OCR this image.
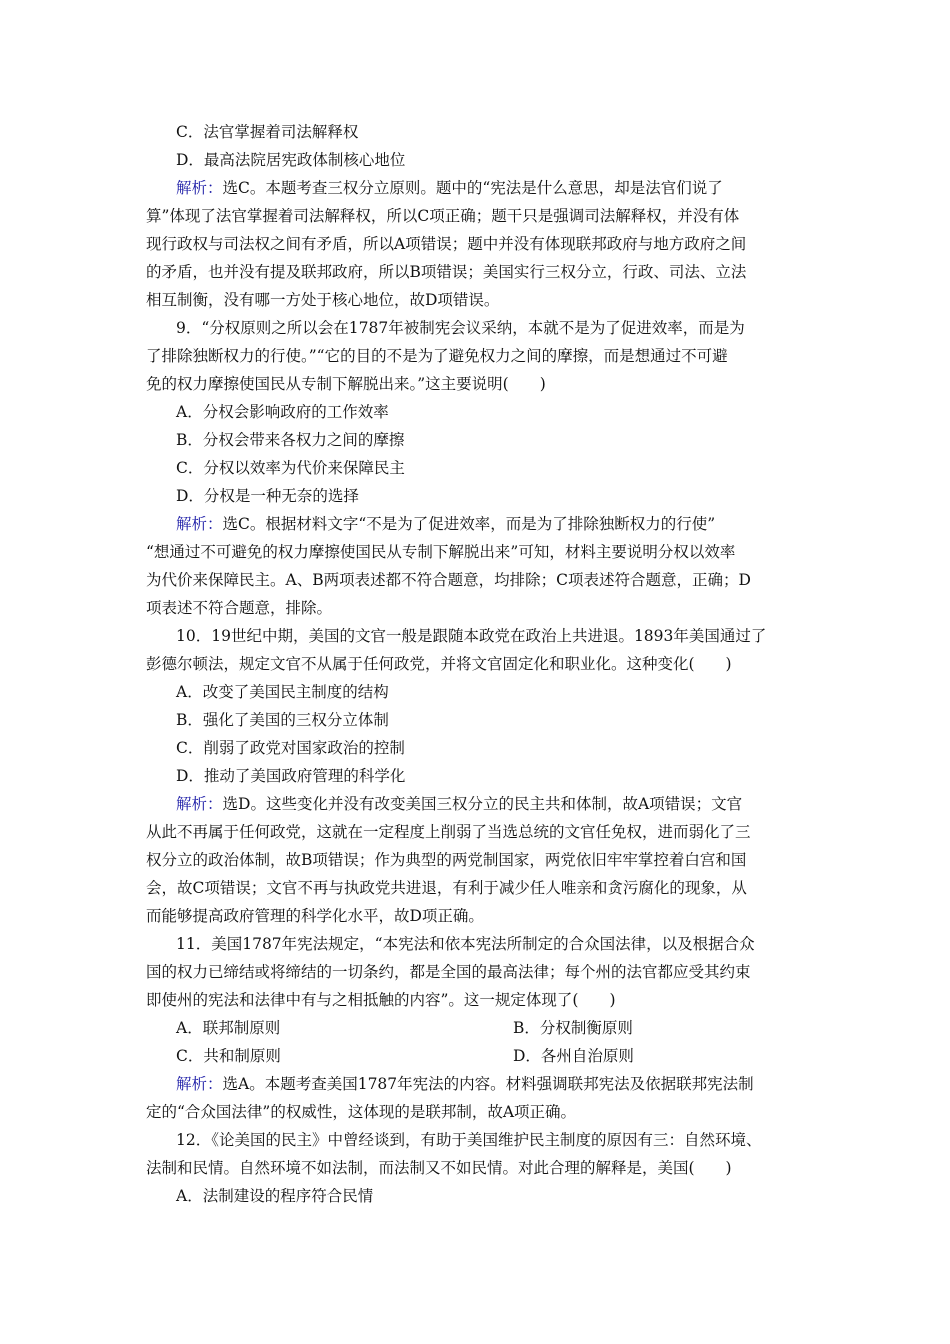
C．法官掌握着司法解释权
D．最高法院居宪政体制核心地位
解析：选C。本题考查三权分立原则。题中的“宪法是什么意思，却是法官们说了
算”体现了法官掌握着司法解释权，所以C项正确；题干只是强调司法解释权，并没有体
现行政权与司法权之间有矛盾，所以A项错误；题中并没有体现联邦政府与地方政府之间
的矛盾，也并没有提及联邦政府，所以B项错误；美国实行三权分立，行政、司法、立法
相互制衡，没有哪一方处于核心地位，故D项错误。
9．“分权原则之所以会在1787年被制宪会议采纳，本就不是为了促进效率，而是为
了排除独断权力的行使。”“它的目的不是为了避免权力之间的摩擦，而是想通过不可避
免的权力摩擦使国民从专制下解脱出来。”这主要说明(　　)
A．分权会影响政府的工作效率
B．分权会带来各权力之间的摩擦
C．分权以效率为代价来保障民主
D．分权是一种无奈的选择
解析：选C。根据材料文字“不是为了促进效率，而是为了排除独断权力的行使”
“想通过不可避免的权力摩擦使国民从专制下解脱出来”可知，材料主要说明分权以效率
为代价来保障民主。A、B两项表述都不符合题意，均排除；C项表述符合题意，正确；D
项表述不符合题意，排除。
10．19世纪中期，美国的文官一般是跟随本政党在政治上共进退。1893年美国通过了
彭德尔顿法，规定文官不从属于任何政党，并将文官固定化和职业化。这种变化(　　)
A．改变了美国民主制度的结构
B．强化了美国的三权分立体制
C．削弱了政党对国家政治的控制
D．推动了美国政府管理的科学化
解析：选D。这些变化并没有改变美国三权分立的民主共和体制，故A项错误；文官
从此不再属于任何政党，这就在一定程度上削弱了当选总统的文官任免权，进而弱化了三
权分立的政治体制，故B项错误；作为典型的两党制国家，两党依旧牢牢掌控着白宫和国
会，故C项错误；文官不再与执政党共进退，有利于减少任人唯亲和贪污腐化的现象，从
而能够提高政府管理的科学化水平，故D项正确。
11．美国1787年宪法规定，“本宪法和依本宪法所制定的合众国法律，以及根据合众
国的权力已缔结或将缔结的一切条约，都是全国的最高法律；每个州的法官都应受其约束
即使州的宪法和法律中有与之相抵触的内容”。这一规定体现了(　　)
A．联邦制原则	B．分权制衡原则
C．共和制原则	D．各州自治原则
解析：选A。本题考查美国1787年宪法的内容。材料强调联邦宪法及依据联邦宪法制
定的“合众国法律”的权威性，这体现的是联邦制，故A项正确。
12．《论美国的民主》中曾经谈到，有助于美国维护民主制度的原因有三：自然环境、
法制和民情。自然环境不如法制，而法制又不如民情。对此合理的解释是，美国(　　)
A．法制建设的程序符合民情
